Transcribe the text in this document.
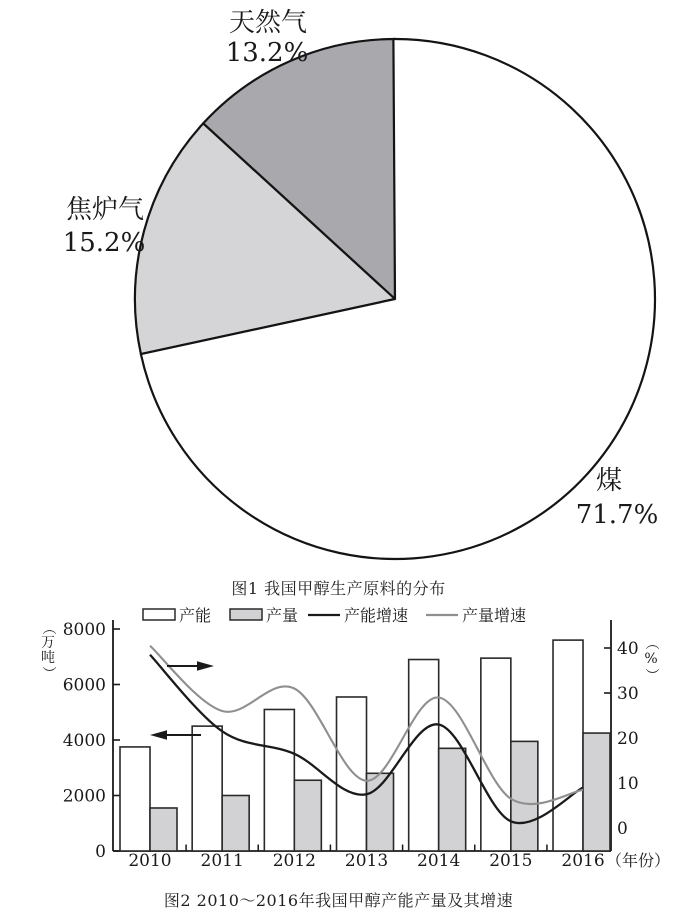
天然气
13.2%
焦炉气
15.2%
煤
71.7%
图1 我国甲醇生产原料的分布
产能	产量	产能增速	产量增速
0
2000
4000
6000
8000
0
10
20
30
40
2010 2011 2012 2013 2014 2015 2016 （年份）
（
万
吨
）
（
%
）
图2 2010～2016年我国甲醇产能产量及其增速
